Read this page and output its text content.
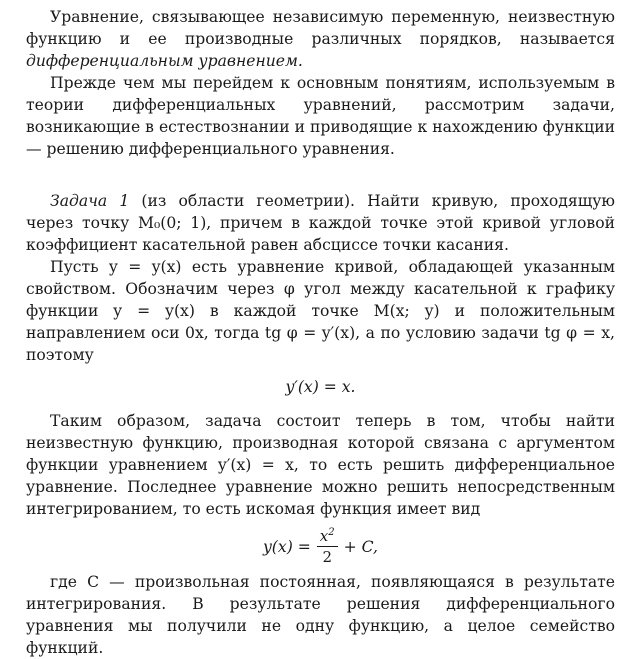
Уравнение, связывающее независимую переменную, неизвестную функцию и ее производные различных порядков, называется дифференциальным уравнением.

Прежде чем мы перейдем к основным понятиям, используемым в теории дифференциальных уравнений, рассмотрим задачи, возникающие в естествознании и приводящие к нахождению функции — решению дифференциального уравнения.

Задача 1 (из области геометрии). Найти кривую, проходящую через точку M₀(0; 1), причем в каждой точке этой кривой угловой коэффициент касательной равен абсциссе точки касания.

Пусть y = y(x) есть уравнение кривой, обладающей указанным свойством. Обозначим через φ угол между касательной к графику функции y = y(x) в каждой точке M(x; y) и положительным направлением оси 0x, тогда tg φ = y′(x), а по условию задачи tg φ = x, поэтому

y′(x) = x.

Таким образом, задача состоит теперь в том, чтобы найти неизвестную функцию, производная которой связана с аргументом функции уравнением y′(x) = x, то есть решить дифференциальное уравнение. Последнее уравнение можно решить непосредственным интегрированием, то есть искомая функция имеет вид

$y(x) = \frac{x^2}{2} + C$,

где C — произвольная постоянная, появляющаяся в результате интегрирования. В результате решения дифференциального уравнения мы получили не одну функцию, а целое семейство функций.
